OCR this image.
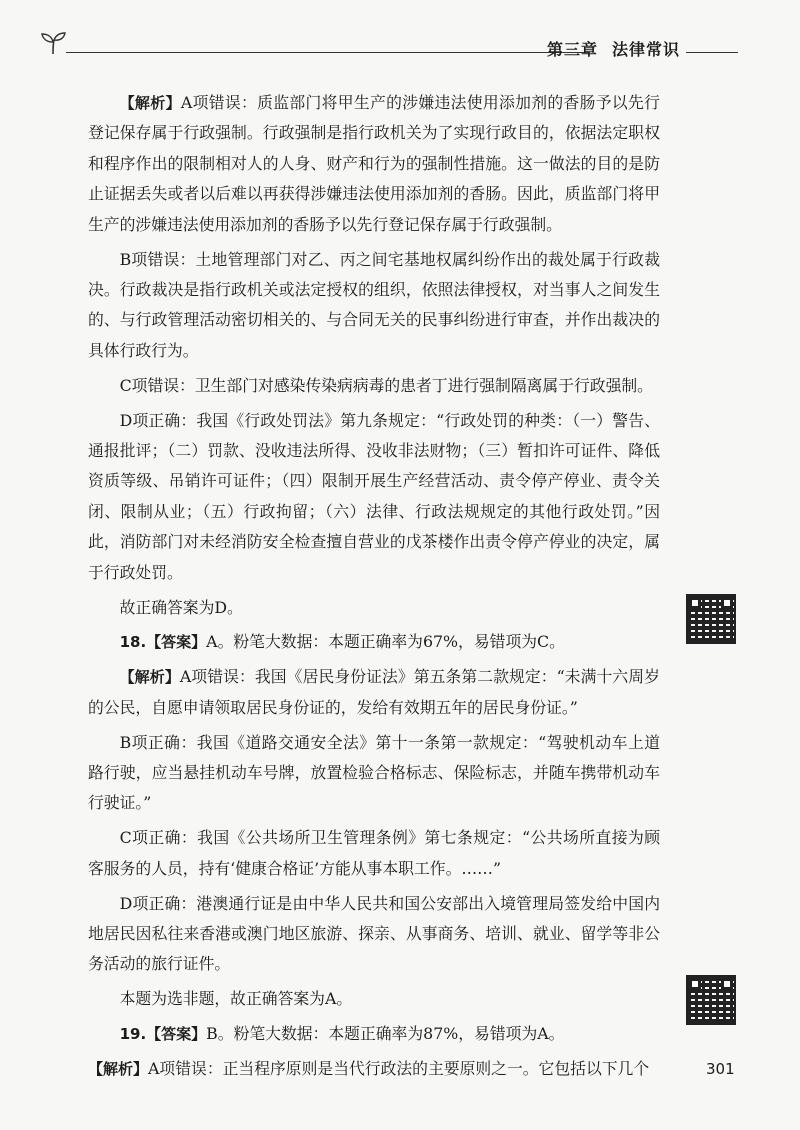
第三章 法律常识

【解析】A项错误：质监部门将甲生产的涉嫌违法使用添加剂的香肠予以先行登记保存属于行政强制。行政强制是指行政机关为了实现行政目的，依据法定职权和程序作出的限制相对人的人身、财产和行为的强制性措施。这一做法的目的是防止证据丢失或者以后难以再获得涉嫌违法使用添加剂的香肠。因此，质监部门将甲生产的涉嫌违法使用添加剂的香肠予以先行登记保存属于行政强制。

B项错误：土地管理部门对乙、丙之间宅基地权属纠纷作出的裁处属于行政裁决。行政裁决是指行政机关或法定授权的组织，依照法律授权，对当事人之间发生的、与行政管理活动密切相关的、与合同无关的民事纠纷进行审查，并作出裁决的具体行政行为。

C项错误：卫生部门对感染传染病病毒的患者丁进行强制隔离属于行政强制。

D项正确：我国《行政处罚法》第九条规定：“行政处罚的种类：（一）警告、通报批评；（二）罚款、没收违法所得、没收非法财物；（三）暂扣许可证件、降低资质等级、吊销许可证件；（四）限制开展生产经营活动、责令停产停业、责令关闭、限制从业；（五）行政拘留；（六）法律、行政法规规定的其他行政处罚。”因此，消防部门对未经消防安全检查擅自营业的戊茶楼作出责令停产停业的决定，属于行政处罚。

故正确答案为D。

18.【答案】A。粉笔大数据：本题正确率为67%，易错项为C。

【解析】A项错误：我国《居民身份证法》第五条第二款规定：“未满十六周岁的公民，自愿申请领取居民身份证的，发给有效期五年的居民身份证。”

B项正确：我国《道路交通安全法》第十一条第一款规定：“驾驶机动车上道路行驶，应当悬挂机动车号牌，放置检验合格标志、保险标志，并随车携带机动车行驶证。”

C项正确：我国《公共场所卫生管理条例》第七条规定：“公共场所直接为顾客服务的人员，持有‘健康合格证’方能从事本职工作。……”

D项正确：港澳通行证是由中华人民共和国公安部出入境管理局签发给中国内地居民因私往来香港或澳门地区旅游、探亲、从事商务、培训、就业、留学等非公务活动的旅行证件。

本题为选非题，故正确答案为A。

19.【答案】B。粉笔大数据：本题正确率为87%，易错项为A。

【解析】A项错误：正当程序原则是当代行政法的主要原则之一。它包括以下几个	301
